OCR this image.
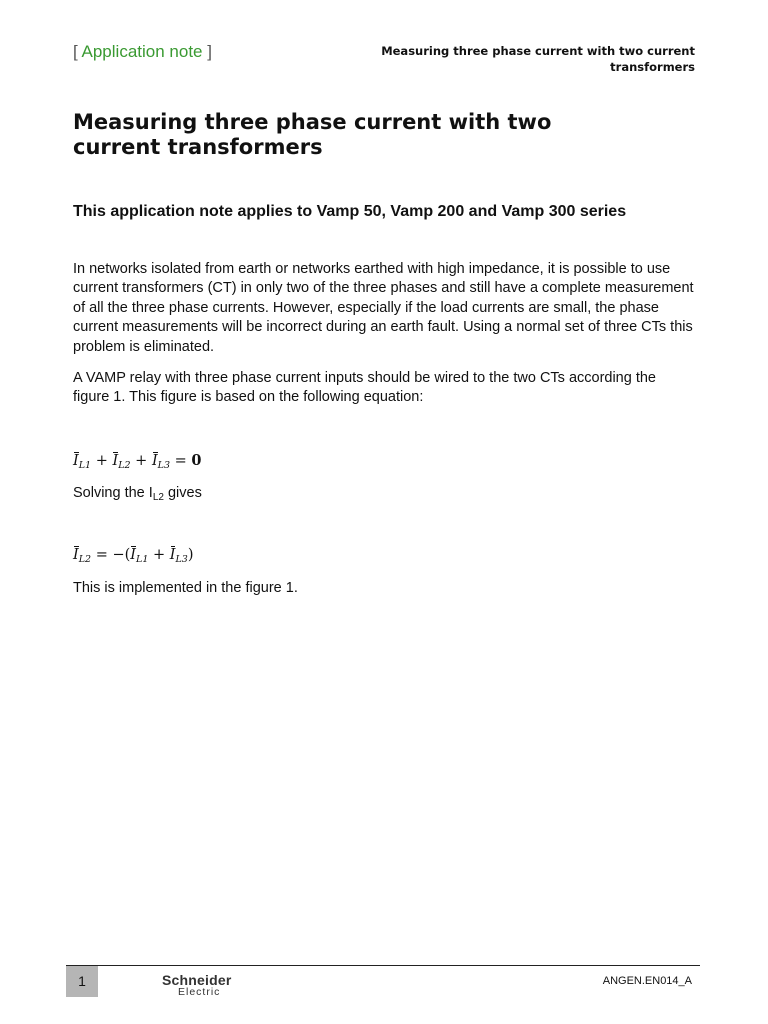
[ Application note ]	Measuring three phase current with two current transformers
Measuring three phase current with two current transformers
This application note applies to Vamp 50, Vamp 200 and Vamp 300 series

In networks isolated from earth or networks earthed with high impedance, it is possible to use current transformers (CT) in only two of the three phases and still have a complete measurement of all the three phase currents. However, especially if the load currents are small, the phase current measurements will be incorrect during an earth fault. Using a normal set of three CTs this problem is eliminated.

A VAMP relay with three phase current inputs should be wired to the two CTs according the figure 1. This figure is based on the following equation:

$I_{L1} + I_{L2} + I_{L3} = 0$

Solving the $I_{L2}$ gives

$I_{L2} = -(I_{L1} + I_{L3})$

This is implemented in the figure 1.

1	Schneider
Electric
ANGEN.EN014_A
